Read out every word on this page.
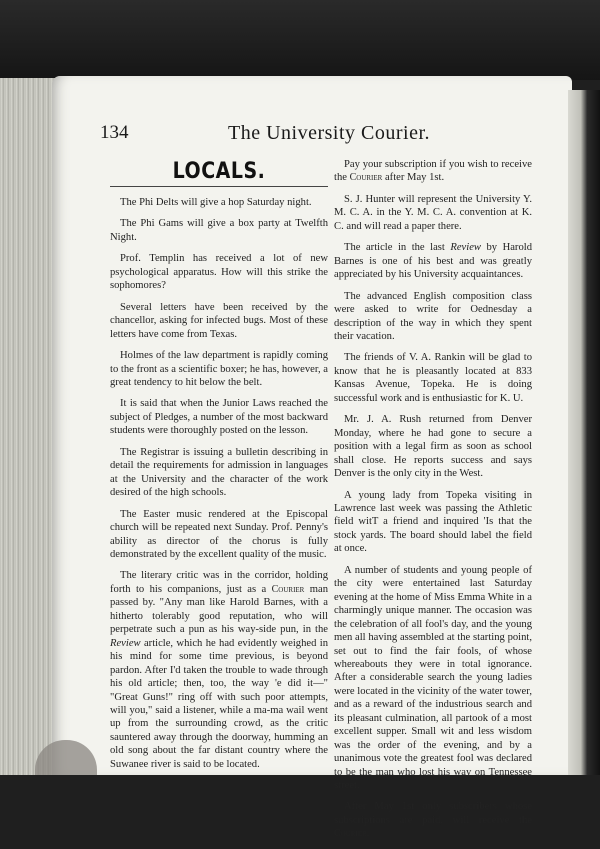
134	The University Courier.
LOCALS.

The Phi Delts will give a hop Saturday night.

The Phi Gams will give a box party at Twelfth Night.

Prof. Templin has received a lot of new psychological apparatus. How will this strike the sophomores?

Several letters have been received by the chancellor, asking for infected bugs. Most of these letters have come from Texas.

Holmes of the law department is rapidly coming to the front as a scientific boxer; he has, however, a great tendency to hit below the belt.

It is said that when the Junior Laws reached the subject of Pledges, a number of the most backward students were thoroughly posted on the lesson.

The Registrar is issuing a bulletin describing in detail the requirements for admission in languages at the University and the character of the work desired of the high schools.

The Easter music rendered at the Episcopal church will be repeated next Sunday. Prof. Penny's ability as director of the chorus is fully demonstrated by the excellent quality of the music.

The literary critic was in the corridor, holding forth to his companions, just as a Courier man passed by. "Any man like Harold Barnes, with a hitherto tolerably good reputation, who will perpetrate such a pun as his way-side pun, in the Review article, which he had evidently weighed in his mind for some time previous, is beyond pardon. After I'd taken the trouble to wade through his old article; then, too, the way 'e did it—" "Great Guns!" ring off with such poor attempts, will you," said a listener, while a ma-ma wail went up from the surrounding crowd, as the critic sauntered away through the doorway, humming an old song about the far distant country where the Suwanee river is said to be located.

Pay your subscription if you wish to receive the Courier after May 1st.

S. J. Hunter will represent the University Y. M. C. A. in the Y. M. C. A. convention at K. C. and will read a paper there.

The article in the last Review by Harold Barnes is one of his best and was greatly appreciated by his University acquaintances.

The advanced English composition class were asked to write for Oednesday a description of the way in which they spent their vacation.

The friends of V. A. Rankin will be glad to know that he is pleasantly located at 833 Kansas Avenue, Topeka. He is doing successful work and is enthusiastic for K. U.

Mr. J. A. Rush returned from Denver Monday, where he had gone to secure a position with a legal firm as soon as school shall close. He reports success and says Denver is the only city in the West.

A young lady from Topeka visiting in Lawrence last week was passing the Athletic field witT a friend and inquired 'Is that the stock yards. The board should label the field at once.

A number of students and young people of the city were entertained last Saturday evening at the home of Miss Emma White in a charmingly unique manner. The occasion was the celebration of all fool's day, and the young men all having assembled at the starting point, set out to find the fair fools, of whose whereabouts they were in total ignorance. After a considerable search the young ladies were located in the vicinity of the water tower, and as a reward of the industrious search and its pleasant culmination, all partook of a most excellent supper. Small wit and less wisdom was the order of the evening, and by a unanimous vote the greatest fool was declared to be the man who lost his way on Tennessee street.

After May 1st only subscribers whose subscriptions are paid, will receive the Courier.
